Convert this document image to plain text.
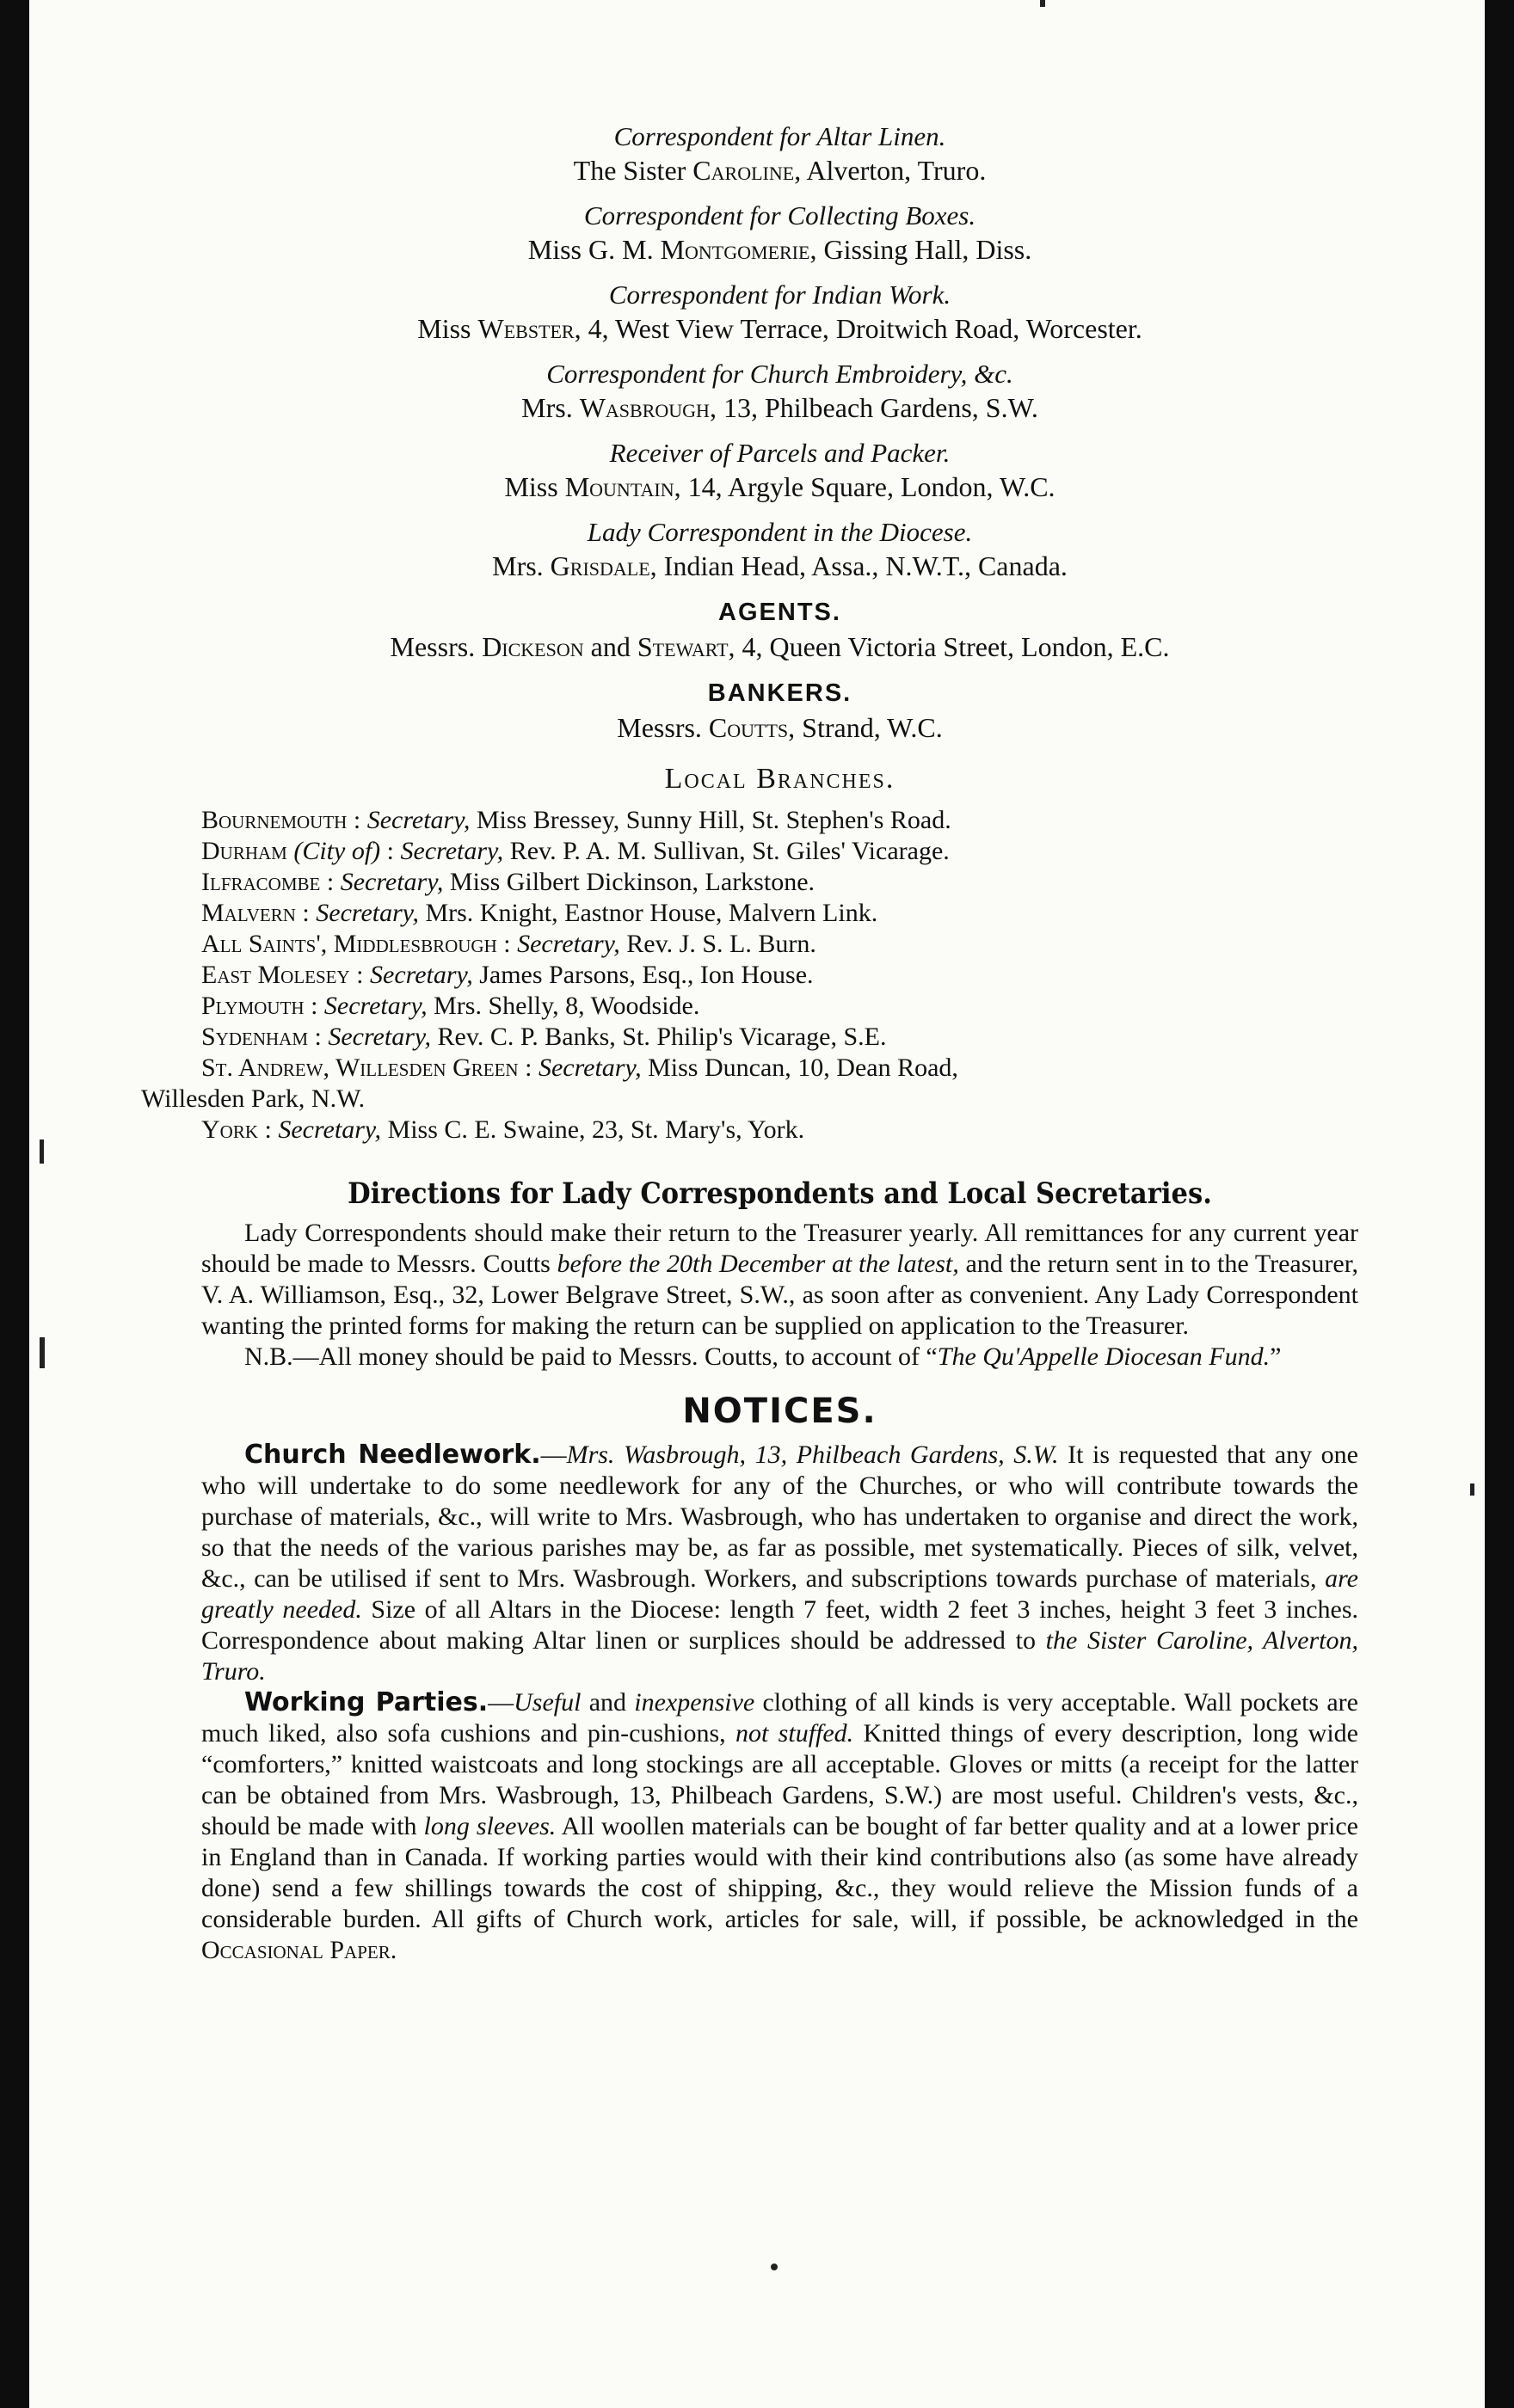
Correspondent for Altar Linen.
The Sister Caroline, Alverton, Truro.
Correspondent for Collecting Boxes.
Miss G. M. Montgomerie, Gissing Hall, Diss.
Correspondent for Indian Work.
Miss Webster, 4, West View Terrace, Droitwich Road, Worcester.
Correspondent for Church Embroidery, &c.
Mrs. Wasbrough, 13, Philbeach Gardens, S.W.
Receiver of Parcels and Packer.
Miss Mountain, 14, Argyle Square, London, W.C.
Lady Correspondent in the Diocese.
Mrs. Grisdale, Indian Head, Assa., N.W.T., Canada.
AGENTS.
Messrs. Dickeson and Stewart, 4, Queen Victoria Street, London, E.C.
BANKERS.
Messrs. Coutts, Strand, W.C.
Local Branches.
Bournemouth : Secretary, Miss Bressey, Sunny Hill, St. Stephen's Road.
Durham (City of) : Secretary, Rev. P. A. M. Sullivan, St. Giles' Vicarage.
Ilfracombe : Secretary, Miss Gilbert Dickinson, Larkstone.
Malvern : Secretary, Mrs. Knight, Eastnor House, Malvern Link.
All Saints', Middlesbrough : Secretary, Rev. J. S. L. Burn.
East Molesey : Secretary, James Parsons, Esq., Ion House.
Plymouth : Secretary, Mrs. Shelly, 8, Woodside.
Sydenham : Secretary, Rev. C. P. Banks, St. Philip's Vicarage, S.E.
St. Andrew, Willesden Green : Secretary, Miss Duncan, 10, Dean Road,
Willesden Park, N.W.
York : Secretary, Miss C. E. Swaine, 23, St. Mary's, York.
Directions for Lady Correspondents and Local Secretaries.

Lady Correspondents should make their return to the Treasurer yearly. All remittances for any current year should be made to Messrs. Coutts before the 20th December at the latest, and the return sent in to the Treasurer, V. A. Williamson, Esq., 32, Lower Belgrave Street, S.W., as soon after as convenient. Any Lady Correspondent wanting the printed forms for making the return can be supplied on application to the Treasurer.

N.B.—All money should be paid to Messrs. Coutts, to account of “The Qu'Appelle Diocesan Fund.”

NOTICES.

Church Needlework.—Mrs. Wasbrough, 13, Philbeach Gardens, S.W. It is requested that any one who will undertake to do some needlework for any of the Churches, or who will contribute towards the purchase of materials, &c., will write to Mrs. Wasbrough, who has undertaken to organise and direct the work, so that the needs of the various parishes may be, as far as possible, met systematically. Pieces of silk, velvet, &c., can be utilised if sent to Mrs. Wasbrough. Workers, and subscriptions towards purchase of materials, are greatly needed. Size of all Altars in the Diocese: length 7 feet, width 2 feet 3 inches, height 3 feet 3 inches. Correspondence about making Altar linen or surplices should be addressed to the Sister Caroline, Alverton, Truro.

Working Parties.—Useful and inexpensive clothing of all kinds is very acceptable. Wall pockets are much liked, also sofa cushions and pin-cushions, not stuffed. Knitted things of every description, long wide “comforters,” knitted waistcoats and long stockings are all acceptable. Gloves or mitts (a receipt for the latter can be obtained from Mrs. Wasbrough, 13, Philbeach Gardens, S.W.) are most useful. Children's vests, &c., should be made with long sleeves. All woollen materials can be bought of far better quality and at a lower price in England than in Canada. If working parties would with their kind contributions also (as some have already done) send a few shillings towards the cost of shipping, &c., they would relieve the Mission funds of a considerable burden. All gifts of Church work, articles for sale, will, if possible, be acknowledged in the Occasional Paper.
